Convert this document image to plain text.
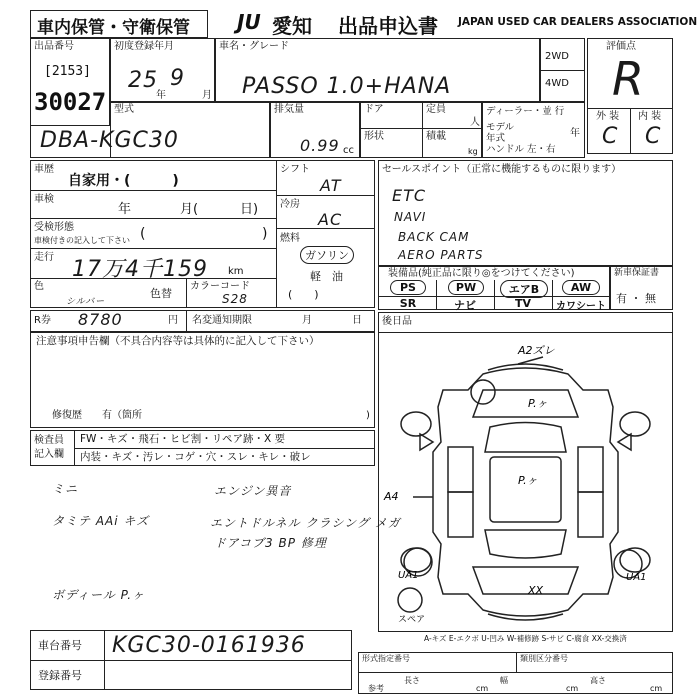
車内保管・守衛保管 JU 愛知 出品申込書 JAPAN USED CAR DEALERS ASSOCIATION
出品番号
[2153]
30027
初度登録年月
25
年
9
月
車名・グレード
PASSO 1.0+HANA
2WD
4WD
評価点
R
外 装 内 装
C C
型式
DBA-KGC30
排気量
0.99 cc
ドア
形状
定員
人
積載
kg
ディーラー・並 行
モデル 年式	年
ハンドル 左・右
車歴
自家用・(　　　)
車検
年	月(	日)
受検形態
車検付きの記入して下さい (	)
走行 17万4千159 km
色
シルバー
色替
カラーコード
S28
シフト
AT
冷房
AC
燃料
ガソリン
軽　油
(　　)
セールスポイント（正常に機能するものに限ります）
ETC
NAVI
BACK CAM
AERO PARTS
装備品(純正品に限り◎をつけてください)
PS	PW	エアB	AW
SR	ナビ	TV	カワシート
新車保証書
有 ・ 無
R券 8780	円 名変通知期限	月	日
注意事項申告欄（不具合内容等は具体的に記入して下さい）
修復歴　　有（箇所	)
後日品
検査員 記入欄
FW・キズ・飛石・ヒビ割・リペア跡・X 要
内装・キズ・汚レ・コゲ・穴・スレ・キレ・破レ
ミニ	エンジン異音
タミテ AAi キズ	エントドルネル クラシング メガ
ドアコブ3 BP 修理
ボディール P.ヶ
A2ズレ
P.ヶ
P.ヶ
A4
UA1	UA1
XX
スペア
A-キズ E-エクボ U-凹み W-補修跡 S-サビ C-腐食 XX-交換済
車台番号 KGC30-0161936
登録番号
形式指定番号	類別区分番号
参考
長さ
cm
幅
cm
高さ
cm
